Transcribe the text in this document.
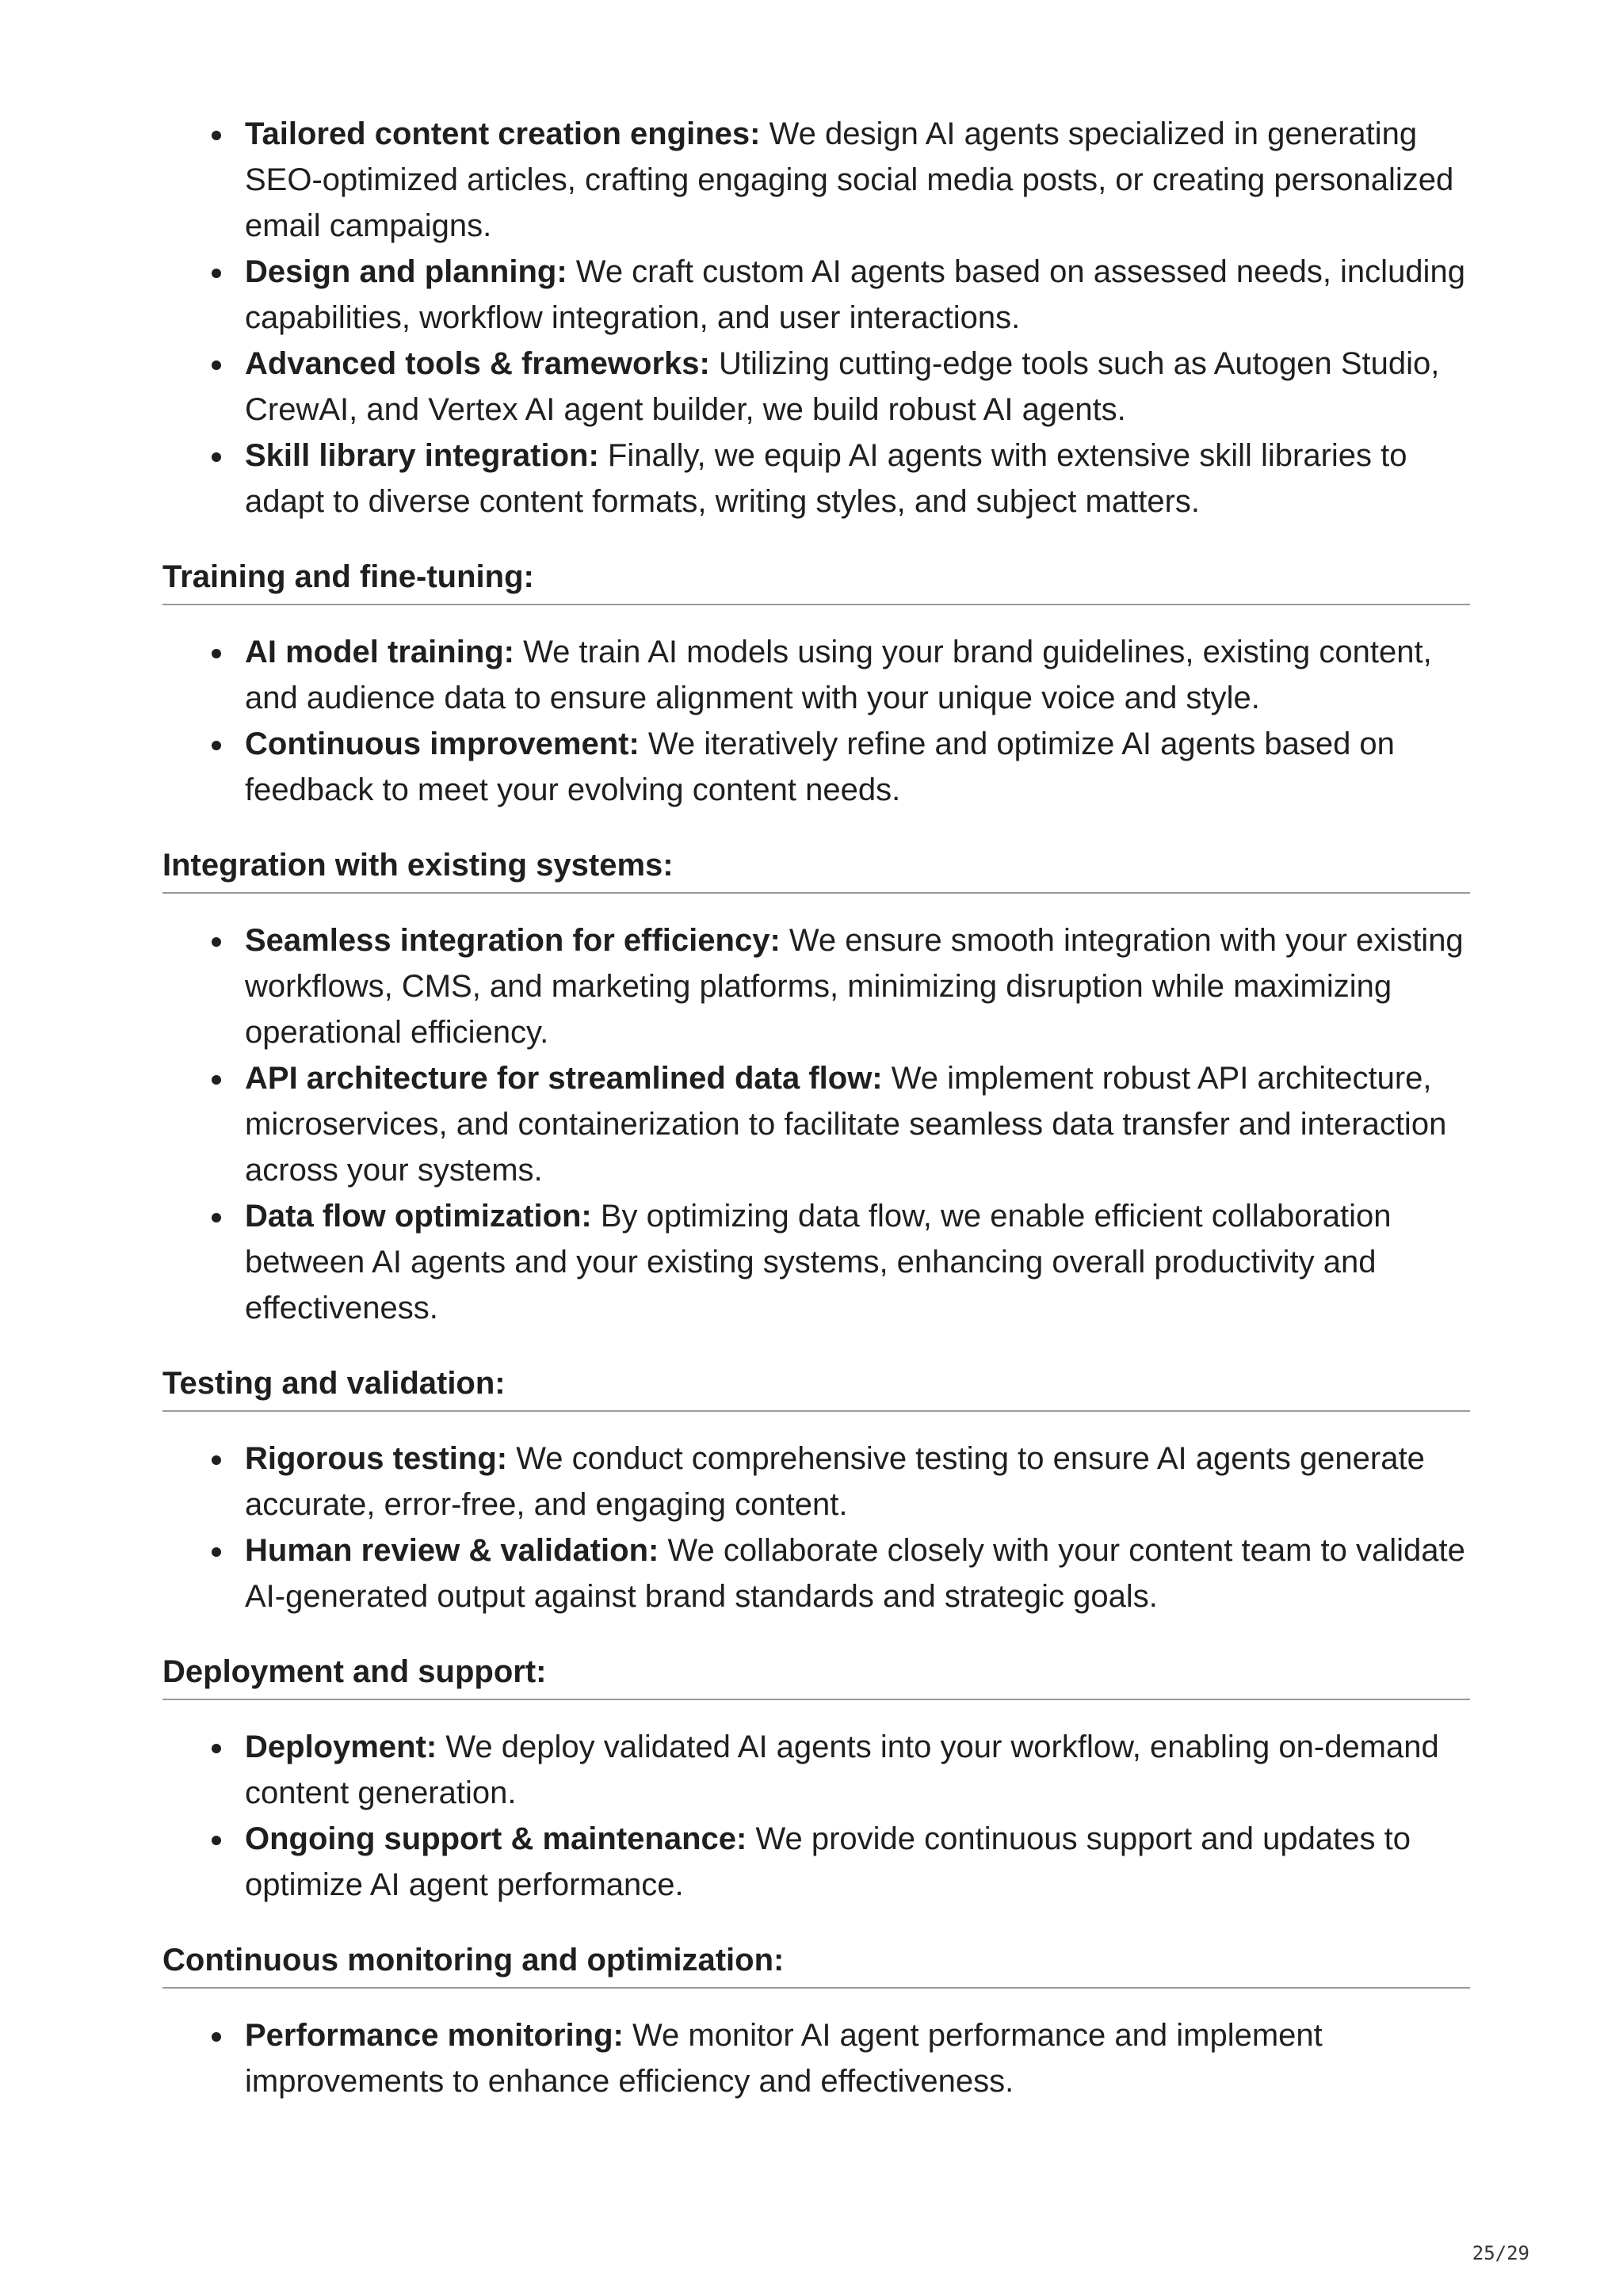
Tailored content creation engines: We design AI agents specialized in generating SEO-optimized articles, crafting engaging social media posts, or creating personalized email campaigns.
Design and planning: We craft custom AI agents based on assessed needs, including capabilities, workflow integration, and user interactions.
Advanced tools & frameworks: Utilizing cutting-edge tools such as Autogen Studio, CrewAI, and Vertex AI agent builder, we build robust AI agents.
Skill library integration: Finally, we equip AI agents with extensive skill libraries to adapt to diverse content formats, writing styles, and subject matters.
Training and fine-tuning:
AI model training: We train AI models using your brand guidelines, existing content, and audience data to ensure alignment with your unique voice and style.
Continuous improvement: We iteratively refine and optimize AI agents based on feedback to meet your evolving content needs.
Integration with existing systems:
Seamless integration for efficiency: We ensure smooth integration with your existing workflows, CMS, and marketing platforms, minimizing disruption while maximizing operational efficiency.
API architecture for streamlined data flow: We implement robust API architecture, microservices, and containerization to facilitate seamless data transfer and interaction across your systems.
Data flow optimization: By optimizing data flow, we enable efficient collaboration between AI agents and your existing systems, enhancing overall productivity and effectiveness.
Testing and validation:
Rigorous testing: We conduct comprehensive testing to ensure AI agents generate accurate, error-free, and engaging content.
Human review & validation: We collaborate closely with your content team to validate AI-generated output against brand standards and strategic goals.
Deployment and support:
Deployment: We deploy validated AI agents into your workflow, enabling on-demand content generation.
Ongoing support & maintenance: We provide continuous support and updates to optimize AI agent performance.
Continuous monitoring and optimization:
Performance monitoring: We monitor AI agent performance and implement improvements to enhance efficiency and effectiveness.
25/29
